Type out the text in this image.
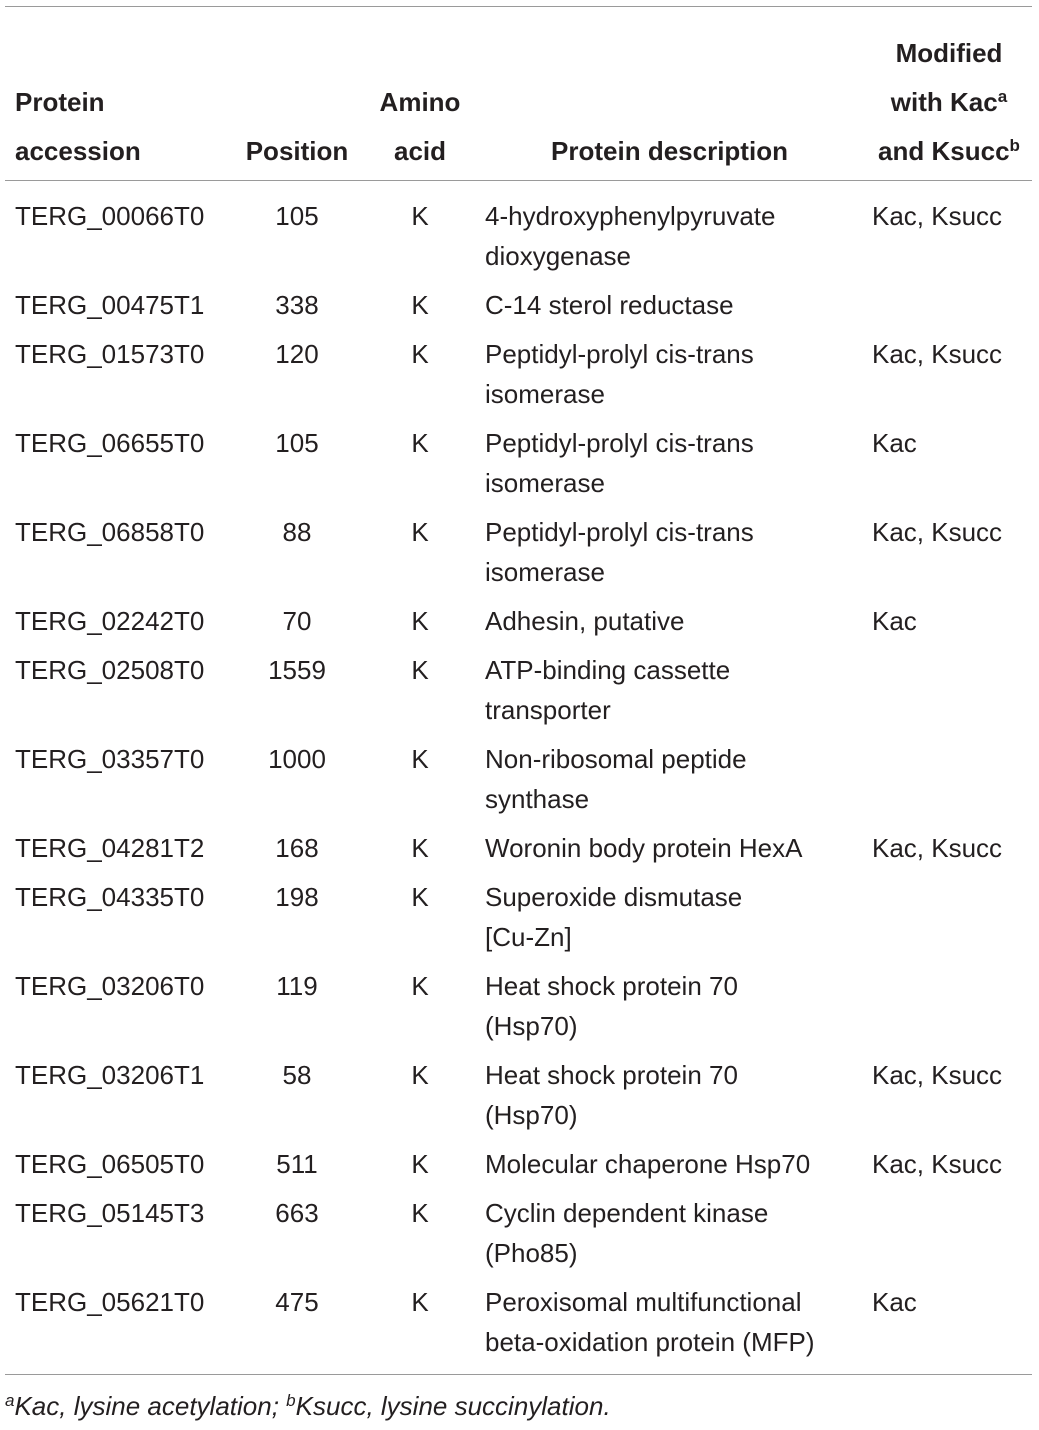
Protein
accession	Position	Amino
acid	Protein description	Modified
with Kac$^a$
and Ksucc$^b$
TERG_00066T0	105	K	4-hydroxyphenylpyruvate
dioxygenase	Kac, Ksucc
TERG_00475T1	338	K	C-14 sterol reductase	
TERG_01573T0	120	K	Peptidyl-prolyl cis-trans
isomerase	Kac, Ksucc
TERG_06655T0	105	K	Peptidyl-prolyl cis-trans
isomerase	Kac
TERG_06858T0	88	K	Peptidyl-prolyl cis-trans
isomerase	Kac, Ksucc
TERG_02242T0	70	K	Adhesin, putative	Kac
TERG_02508T0	1559	K	ATP-binding cassette
transporter	
TERG_03357T0	1000	K	Non-ribosomal peptide
synthase	
TERG_04281T2	168	K	Woronin body protein HexA	Kac, Ksucc
TERG_04335T0	198	K	Superoxide dismutase
[Cu-Zn]	
TERG_03206T0	119	K	Heat shock protein 70
(Hsp70)	
TERG_03206T1	58	K	Heat shock protein 70
(Hsp70)	Kac, Ksucc
TERG_06505T0	511	K	Molecular chaperone Hsp70	Kac, Ksucc
TERG_05145T3	663	K	Cyclin dependent kinase
(Pho85)	
TERG_05621T0	475	K	Peroxisomal multifunctional
beta-oxidation protein (MFP)	Kac
$^a$Kac, lysine acetylation; $^b$Ksucc, lysine succinylation.
